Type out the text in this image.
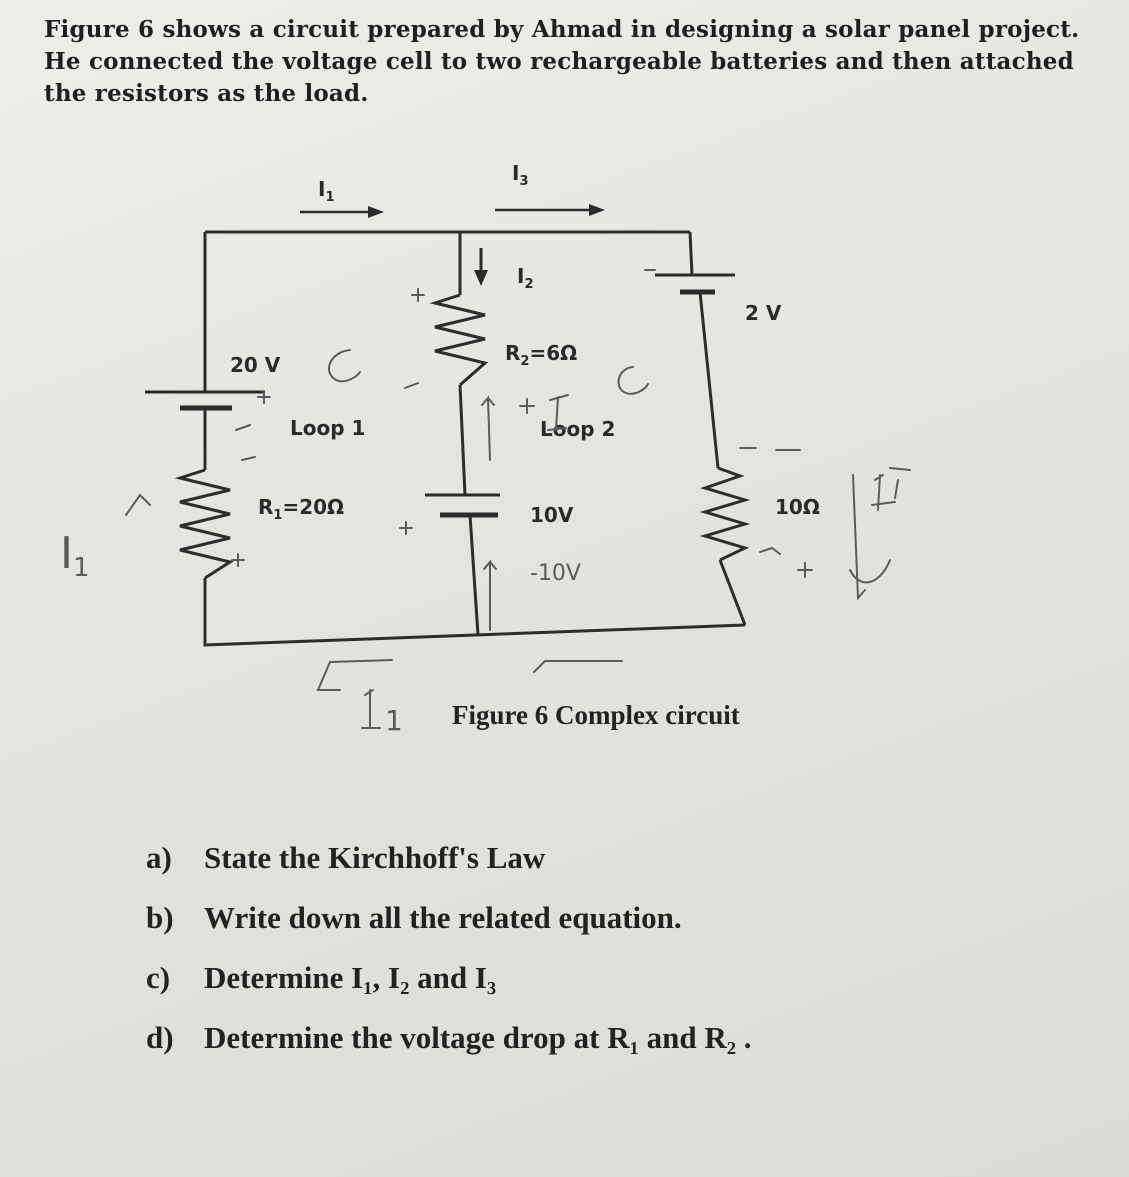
Figure 6 shows a circuit prepared by Ahmad in designing a solar panel project. He connected the voltage cell to two rechargeable batteries and then attached the resistors as the load.

$I_1$
$I_3$
$I_2$
20 V
2 V
10V
Loop 1	Loop 2
$R_1=20\Omega$
$R_2=6\Omega$
10Ω
I1
1
-10V
Figure 6 Complex circuit
a) State the Kirchhoff's Law
b) Write down all the related equation.
c) Determine I₁, I₂ and I₃
d) Determine the voltage drop at R₁ and R₂ .
